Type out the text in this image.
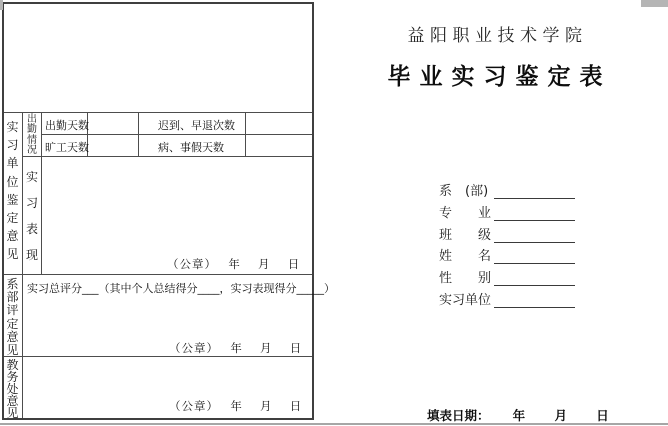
实习单位鉴定意见
出勤情况
实习表现
系部评定意见
教务处意见
出勤天数
旷工天数
迟到、早退次数
病、事假天数
（公章）　 年　 月　 日
实习总评分___（其中个人总结得分____，实习表现得分_____）
（公章）　 年　 月　 日
（公章）　 年　 月　 日
益阳职业技术学院
毕业实习鉴定表
系　(部)
专　　业
班　　级
姓　　名
性　　别
实习单位
填表日期：　　 年　　 月　　 日
